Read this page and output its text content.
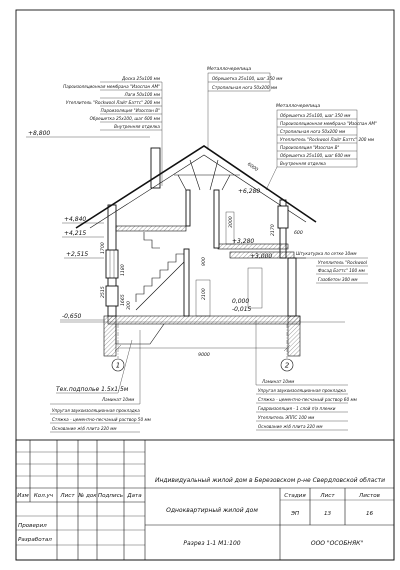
1	2
9000
6000
900
2100
2515
1700
3000
2170	600
1665 300
1180
+8,800
+6,280
+4,840
+4,215
+3,280
+3,000
+2,515
0,000
-0,015
-0,650
Доска 25х100 мм
Пароизоляционная мембрана "Изоспан АМ"
Лаги 50х100 мм
Утеплитель "Rockwool Лайт Баттс" 200 мм
Пароизоляция "Изоспан В"
Обрешетка 25х100, шаг 600 мм
Внутренняя отделка
Металлочерепица
Обрешетка 25х100, шаг 350 мм
Стропильная нога 50х200 мм
Металлочерепица
Обрешетка 25х100, шаг 350 мм
Пароизоляционная мембрана "Изоспан АМ"
Стропильная нога 50х200 мм
Утеплитель "Rockwool Лайт Баттс" 200 мм
Пароизоляция "Изоспан В"
Обрешетка 25х100, шаг 600 мм
Внутренняя отделка
Штукатурка по сетке 10мм
Утеплитель "Rockwool
Фасад Баттс" 100 мм
Газобетон 300 мм
Ламинат 10мм
Упругая звукоизоляционная прокладка
Стяжка - цементно-песчаный раствор 50 мм
Основание ж\б плита 220 мм
Ламинат 10мм
Упругая звукоизоляционная прокладка
Стяжка - цементно-песчаный раствор 60 мм
Гидроизоляция - 1 слой п\э пленки
Утеплитель ЭППС 100 мм
Основание ж\б плита 220 мм
Тех.подполье 1.5х1.5м
Индивидуальный жилой дом в Березовском р-не Свердловской области
Одноквартирный жилой дом
Разрез 1-1 М1:100	ООО "ОСОБНЯК"
Изм Кол.уч Лист № док Подпись Дата
Проверил
Разработал
Стадия	Лист	Листов
ЭП	13	16
